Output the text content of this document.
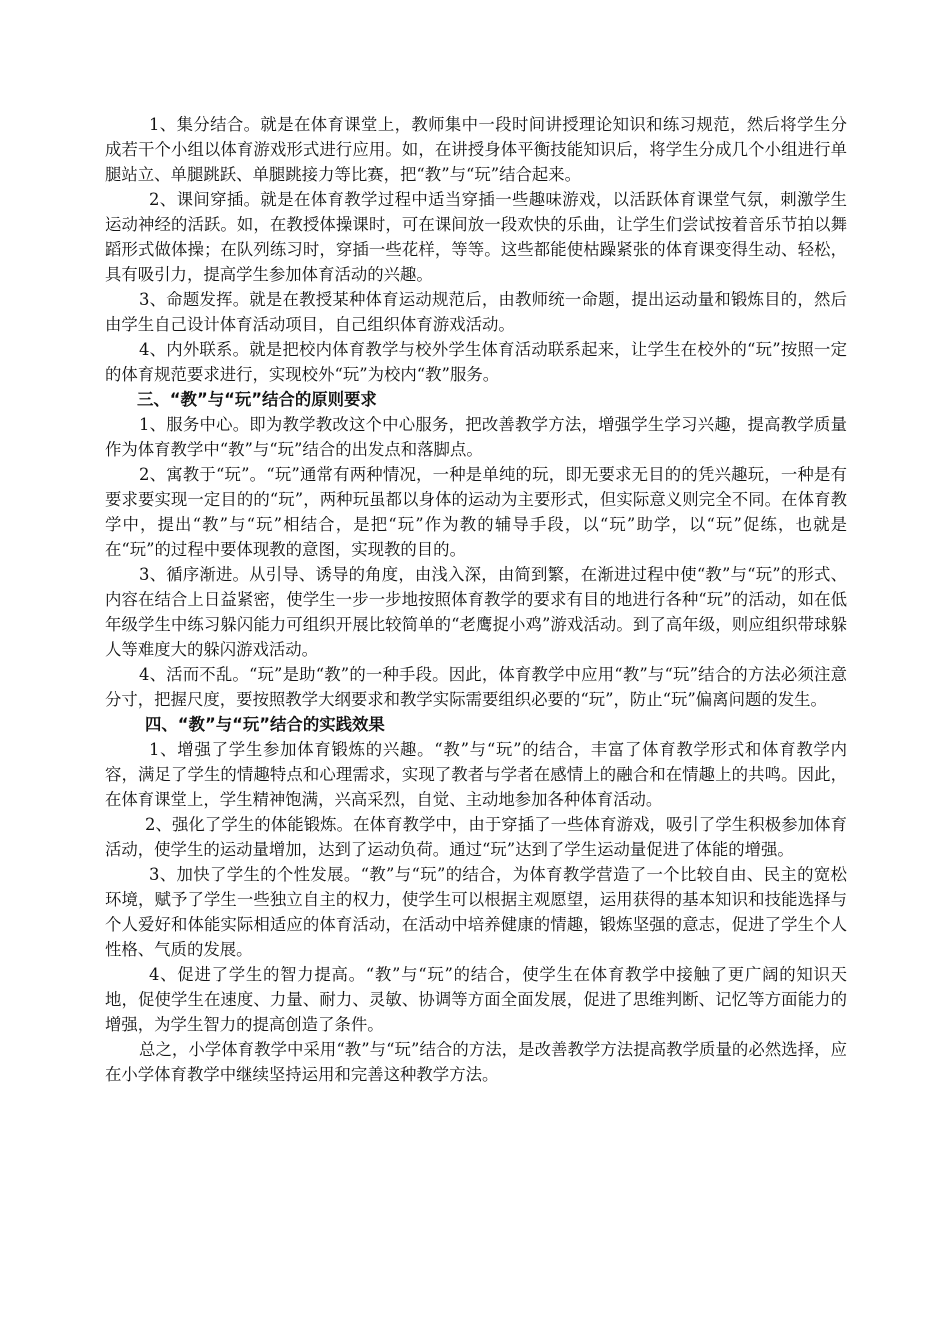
1、集分结合。就是在体育课堂上，教师集中一段时间讲授理论知识和练习规范，然后将学生分成若干个小组以体育游戏形式进行应用。如，在讲授身体平衡技能知识后，将学生分成几个小组进行单腿站立、单腿跳跃、单腿跳接力等比赛，把“教”与“玩”结合起来。

2、课间穿插。就是在体育教学过程中适当穿插一些趣味游戏，以活跃体育课堂气氛，刺激学生运动神经的活跃。如，在教授体操课时，可在课间放一段欢快的乐曲，让学生们尝试按着音乐节拍以舞蹈形式做体操；在队列练习时，穿插一些花样，等等。这些都能使枯躁紧张的体育课变得生动、轻松，具有吸引力，提高学生参加体育活动的兴趣。

3、命题发挥。就是在教授某种体育运动规范后，由教师统一命题，提出运动量和锻炼目的，然后由学生自己设计体育活动项目，自己组织体育游戏活动。

4、内外联系。就是把校内体育教学与校外学生体育活动联系起来，让学生在校外的“玩”按照一定的体育规范要求进行，实现校外“玩”为校内“教”服务。

三、“教”与“玩”结合的原则要求

1、服务中心。即为教学教改这个中心服务，把改善教学方法，增强学生学习兴趣，提高教学质量作为体育教学中“教”与“玩”结合的出发点和落脚点。

2、寓教于“玩”。“玩”通常有两种情况，一种是单纯的玩，即无要求无目的的凭兴趣玩，一种是有要求要实现一定目的的“玩”，两种玩虽都以身体的运动为主要形式，但实际意义则完全不同。在体育教学中，提出“教”与“玩”相结合，是把“玩”作为教的辅导手段，以“玩”助学，以“玩”促练，也就是在“玩”的过程中要体现教的意图，实现教的目的。

3、循序渐进。从引导、诱导的角度，由浅入深，由简到繁，在渐进过程中使“教”与“玩”的形式、内容在结合上日益紧密，使学生一步一步地按照体育教学的要求有目的地进行各种“玩”的活动，如在低年级学生中练习躲闪能力可组织开展比较简单的“老鹰捉小鸡”游戏活动。到了高年级，则应组织带球躲人等难度大的躲闪游戏活动。

4、活而不乱。“玩”是助“教”的一种手段。因此，体育教学中应用“教”与“玩”结合的方法必须注意分寸，把握尺度，要按照教学大纲要求和教学实际需要组织必要的“玩”，防止“玩”偏离问题的发生。

四、“教”与“玩”结合的实践效果

1、增强了学生参加体育锻炼的兴趣。“教”与“玩”的结合，丰富了体育教学形式和体育教学内容，满足了学生的情趣特点和心理需求，实现了教者与学者在感情上的融合和在情趣上的共鸣。因此，在体育课堂上，学生精神饱满，兴高采烈，自觉、主动地参加各种体育活动。

2、强化了学生的体能锻炼。在体育教学中，由于穿插了一些体育游戏，吸引了学生积极参加体育活动，使学生的运动量增加，达到了运动负荷。通过“玩”达到了学生运动量促进了体能的增强。

3、加快了学生的个性发展。“教”与“玩”的结合，为体育教学营造了一个比较自由、民主的宽松环境，赋予了学生一些独立自主的权力，使学生可以根据主观愿望，运用获得的基本知识和技能选择与个人爱好和体能实际相适应的体育活动，在活动中培养健康的情趣，锻炼坚强的意志，促进了学生个人性格、气质的发展。

4、促进了学生的智力提高。“教”与“玩”的结合，使学生在体育教学中接触了更广阔的知识天地，促使学生在速度、力量、耐力、灵敏、协调等方面全面发展，促进了思维判断、记忆等方面能力的增强，为学生智力的提高创造了条件。

总之，小学体育教学中采用“教”与“玩”结合的方法，是改善教学方法提高教学质量的必然选择，应在小学体育教学中继续坚持运用和完善这种教学方法。
